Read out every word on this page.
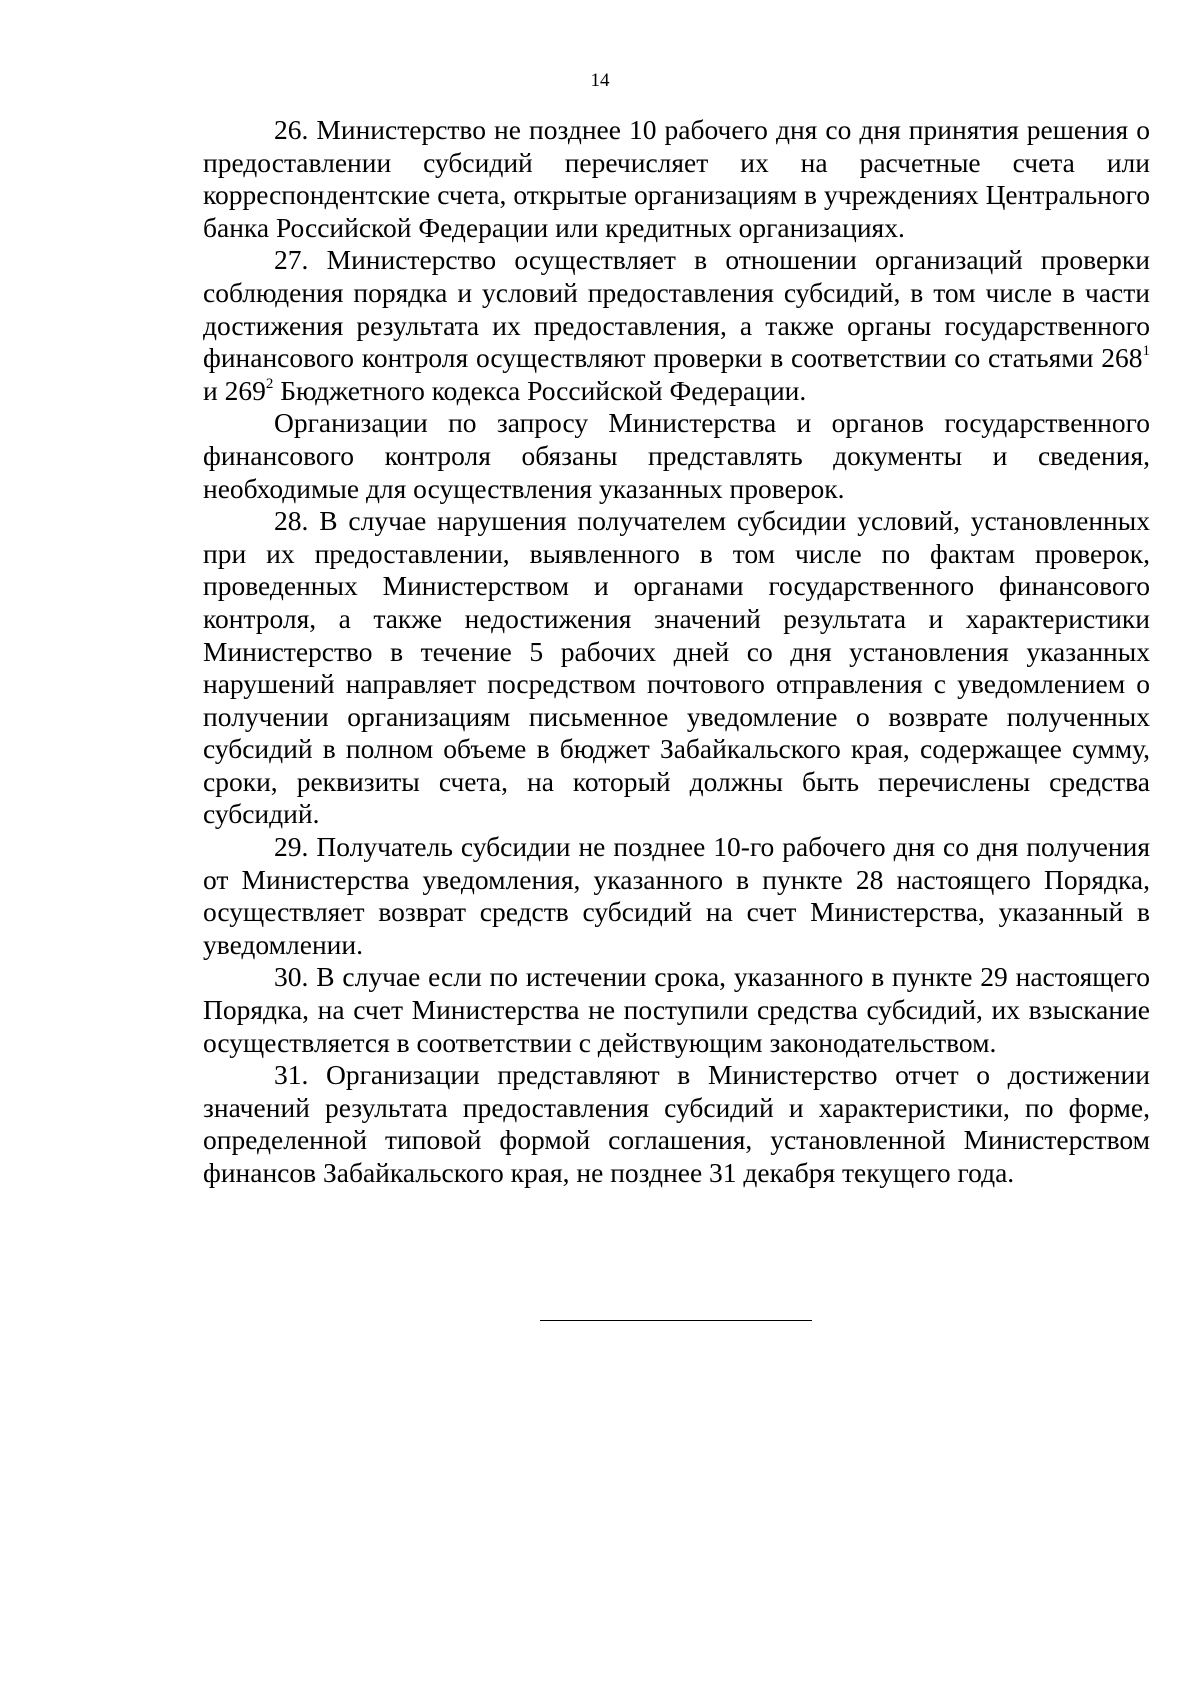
14

26. Министерство не позднее 10 рабочего дня со дня принятия решения о предоставлении субсидий перечисляет их на расчетные счета или корреспондентские счета, открытые организациям в учреждениях Центрального банка Российской Федерации или кредитных организациях.

27. Министерство осуществляет в отношении организаций проверки соблюдения порядка и условий предоставления субсидий, в том числе в части достижения результата их предоставления, а также органы государственного финансового контроля осуществляют проверки в соответствии со статьями $268^1$ и $269^2$ Бюджетного кодекса Российской Федерации.

Организации по запросу Министерства и органов государственного финансового контроля обязаны представлять документы и сведения, необходимые для осуществления указанных проверок.

28. В случае нарушения получателем субсидии условий, установленных при их предоставлении, выявленного в том числе по фактам проверок, проведенных Министерством и органами государственного финансового контроля, а также недостижения значений результата и характеристики Министерство в течение 5 рабочих дней со дня установления указанных нарушений направляет посредством почтового отправления с уведомлением о получении организациям письменное уведомление о возврате полученных субсидий в полном объеме в бюджет Забайкальского края, содержащее сумму, сроки, реквизиты счета, на который должны быть перечислены средства субсидий.

29. Получатель субсидии не позднее 10-го рабочего дня со дня получения от Министерства уведомления, указанного в пункте 28 настоящего Порядка, осуществляет возврат средств субсидий на счет Министерства, указанный в уведомлении.

30. В случае если по истечении срока, указанного в пункте 29 настоящего Порядка, на счет Министерства не поступили средства субсидий, их взыскание осуществляется в соответствии с действующим законодательством.

31. Организации представляют в Министерство отчет о достижении значений результата предоставления субсидий и характеристики, по форме, определенной типовой формой соглашения, установленной Министерством финансов Забайкальского края, не позднее 31 декабря текущего года.
